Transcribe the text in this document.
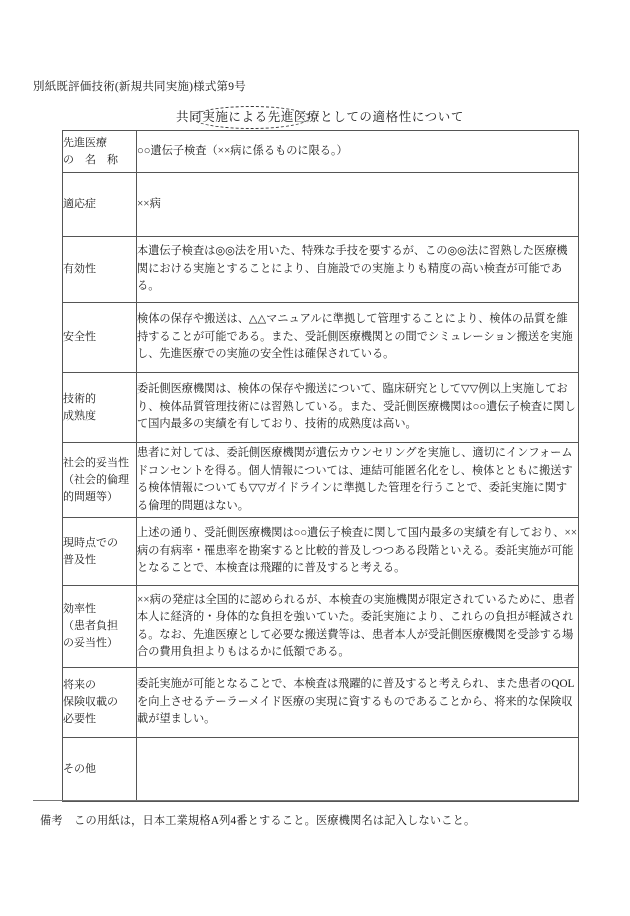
別紙既評価技術(新規共同実施)様式第9号
共同実施による先進医療としての適格性について
先進医療
の　名　称	○○遺伝子検査（××病に係るものに限る。）

適応症	××病

有効性	本遺伝子検査は◎◎法を用いた、特殊な手技を要するが、この◎◎法に習熟した医療機関における実施とすることにより、自施設での実施よりも精度の高い検査が可能である。

安全性	検体の保存や搬送は、△△マニュアルに準拠して管理することにより、検体の品質を維持することが可能である。また、受託側医療機関との間でシミュレーション搬送を実施し、先進医療での実施の安全性は確保されている。

技術的
成熟度	委託側医療機関は、検体の保存や搬送について、臨床研究として▽▽例以上実施しており、検体品質管理技術には習熟している。また、受託側医療機関は○○遺伝子検査に関して国内最多の実績を有しており、技術的成熟度は高い。

社会的妥当性
（社会的倫理
的問題等）	患者に対しては、委託側医療機関が遺伝カウンセリングを実施し、適切にインフォームドコンセントを得る。個人情報については、連結可能匿名化をし、検体とともに搬送する検体情報についても▽▽ガイドラインに準拠した管理を行うことで、委託実施に関する倫理的問題はない。

現時点での
普及性	上述の通り、受託側医療機関は○○遺伝子検査に関して国内最多の実績を有しており、××病の有病率・罹患率を勘案すると比較的普及しつつある段階といえる。委託実施が可能となることで、本検査は飛躍的に普及すると考える。

効率性
（患者負担
の妥当性）	××病の発症は全国的に認められるが、本検査の実施機関が限定されているために、患者本人に経済的・身体的な負担を強いていた。委託実施により、これらの負担が軽減される。なお、先進医療として必要な搬送費等は、患者本人が受託側医療機関を受診する場合の費用負担よりもはるかに低額である。

将来の
保険収載の
必要性	委託実施が可能となることで、本検査は飛躍的に普及すると考えられ、また患者のQOLを向上させるテーラーメイド医療の実現に資するものであることから、将来的な保険収載が望ましい。

その他	

備考　この用紙は，日本工業規格A列4番とすること。医療機関名は記入しないこと。
